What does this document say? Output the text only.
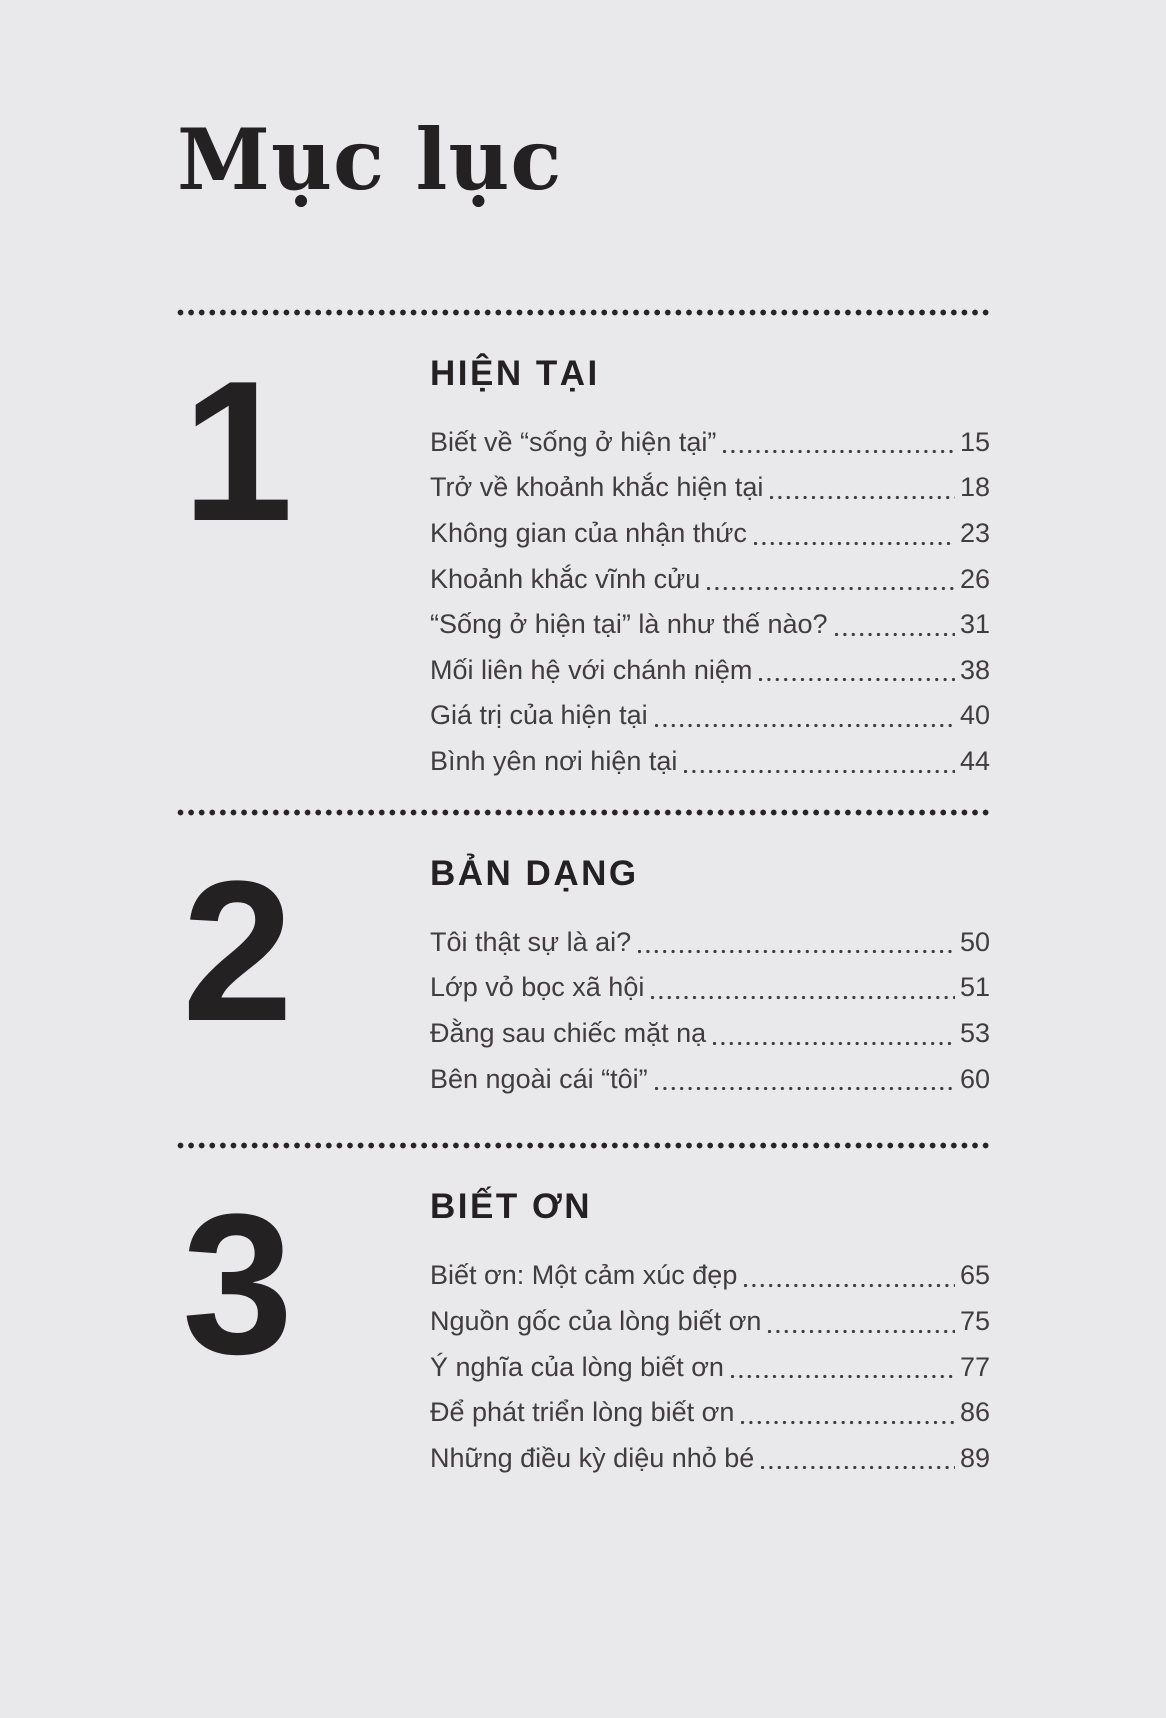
Mục lục
1	HIỆN TẠI
Biết về “sống ở hiện tại”	15
Trở về khoảnh khắc hiện tại	18
Không gian của nhận thức	23
Khoảnh khắc vĩnh cửu	26
“Sống ở hiện tại” là như thế nào?	31
Mối liên hệ với chánh niệm	38
Giá trị của hiện tại	40
Bình yên nơi hiện tại	44
2	BẢN DẠNG
Tôi thật sự là ai?	50
Lớp vỏ bọc xã hội	51
Đằng sau chiếc mặt nạ	53
Bên ngoài cái “tôi”	60
3	BIẾT ƠN
Biết ơn: Một cảm xúc đẹp	65
Nguồn gốc của lòng biết ơn	75
Ý nghĩa của lòng biết ơn	77
Để phát triển lòng biết ơn	86
Những điều kỳ diệu nhỏ bé	89
